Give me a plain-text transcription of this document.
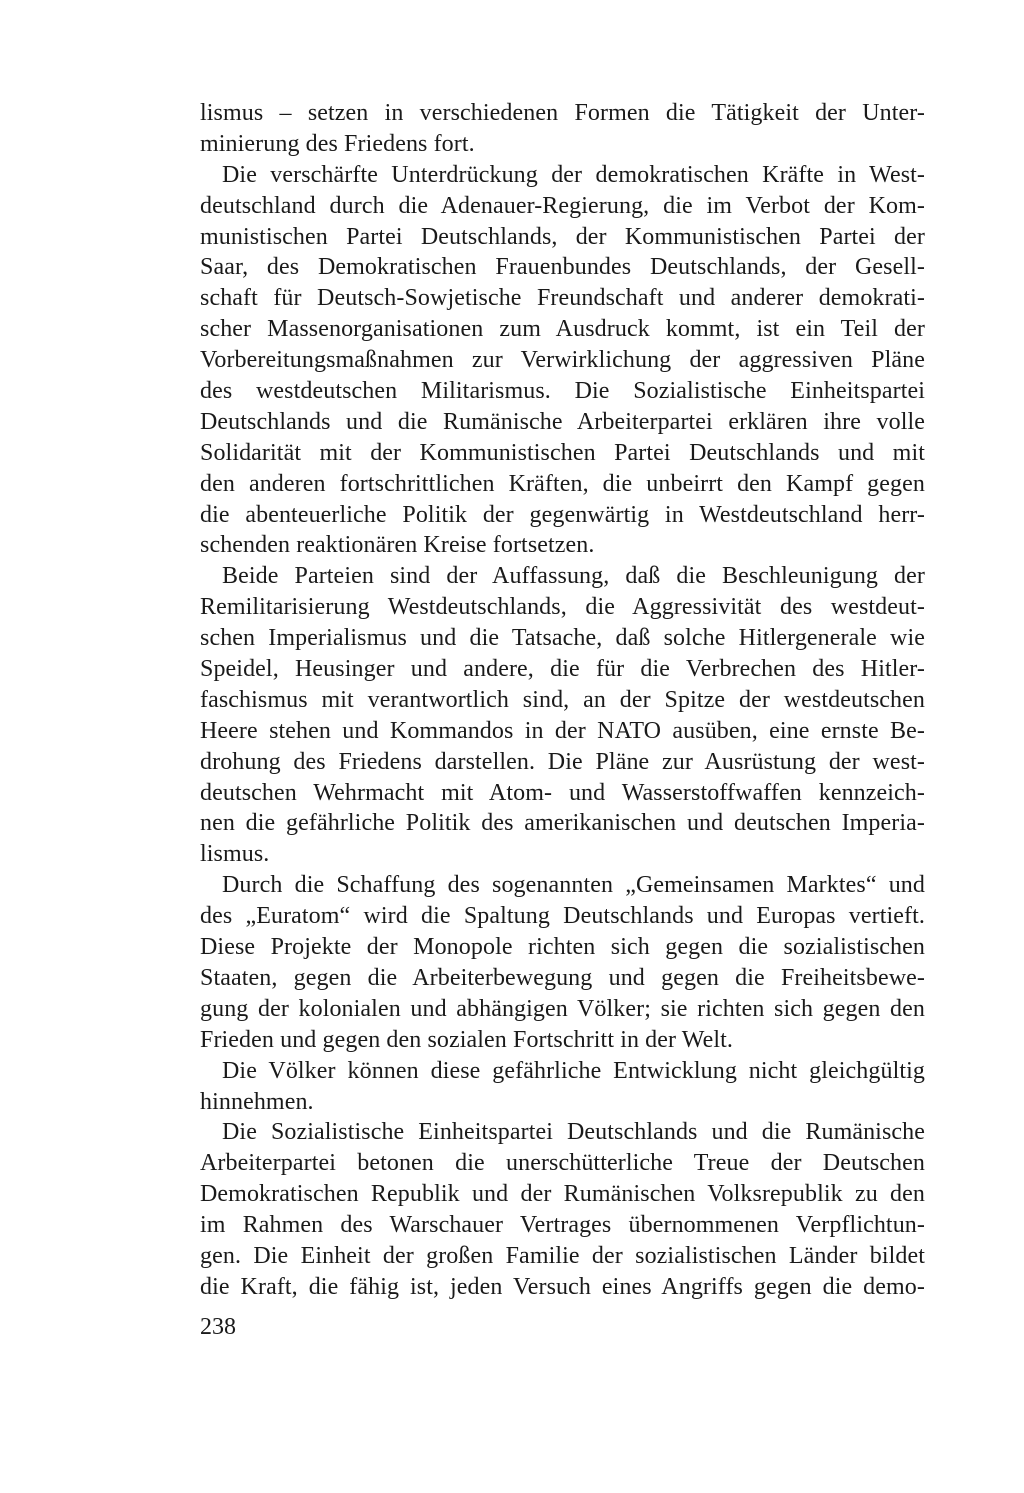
lismus – setzen in verschiedenen Formen die Tätigkeit der Unter-
minierung des Friedens fort.
Die verschärfte Unterdrückung der demokratischen Kräfte in West-
deutschland durch die Adenauer-Regierung, die im Verbot der Kom-
munistischen Partei Deutschlands, der Kommunistischen Partei der
Saar, des Demokratischen Frauenbundes Deutschlands, der Gesell-
schaft für Deutsch-Sowjetische Freundschaft und anderer demokrati-
scher Massenorganisationen zum Ausdruck kommt, ist ein Teil der
Vorbereitungsmaßnahmen zur Verwirklichung der aggressiven Pläne
des westdeutschen Militarismus. Die Sozialistische Einheitspartei
Deutschlands und die Rumänische Arbeiterpartei erklären ihre volle
Solidarität mit der Kommunistischen Partei Deutschlands und mit
den anderen fortschrittlichen Kräften, die unbeirrt den Kampf gegen
die abenteuerliche Politik der gegenwärtig in Westdeutschland herr-
schenden reaktionären Kreise fortsetzen.
Beide Parteien sind der Auffassung, daß die Beschleunigung der
Remilitarisierung Westdeutschlands, die Aggressivität des westdeut-
schen Imperialismus und die Tatsache, daß solche Hitlergenerale wie
Speidel, Heusinger und andere, die für die Verbrechen des Hitler-
faschismus mit verantwortlich sind, an der Spitze der westdeutschen
Heere stehen und Kommandos in der NATO ausüben, eine ernste Be-
drohung des Friedens darstellen. Die Pläne zur Ausrüstung der west-
deutschen Wehrmacht mit Atom- und Wasserstoffwaffen kennzeich-
nen die gefährliche Politik des amerikanischen und deutschen Imperia-
lismus.
Durch die Schaffung des sogenannten „Gemeinsamen Marktes“ und
des „Euratom“ wird die Spaltung Deutschlands und Europas vertieft.
Diese Projekte der Monopole richten sich gegen die sozialistischen
Staaten, gegen die Arbeiterbewegung und gegen die Freiheitsbewe-
gung der kolonialen und abhängigen Völker; sie richten sich gegen den
Frieden und gegen den sozialen Fortschritt in der Welt.
Die Völker können diese gefährliche Entwicklung nicht gleichgültig
hinnehmen.
Die Sozialistische Einheitspartei Deutschlands und die Rumänische
Arbeiterpartei betonen die unerschütterliche Treue der Deutschen
Demokratischen Republik und der Rumänischen Volksrepublik zu den
im Rahmen des Warschauer Vertrages übernommenen Verpflichtun-
gen. Die Einheit der großen Familie der sozialistischen Länder bildet
die Kraft, die fähig ist, jeden Versuch eines Angriffs gegen die demo-
238
